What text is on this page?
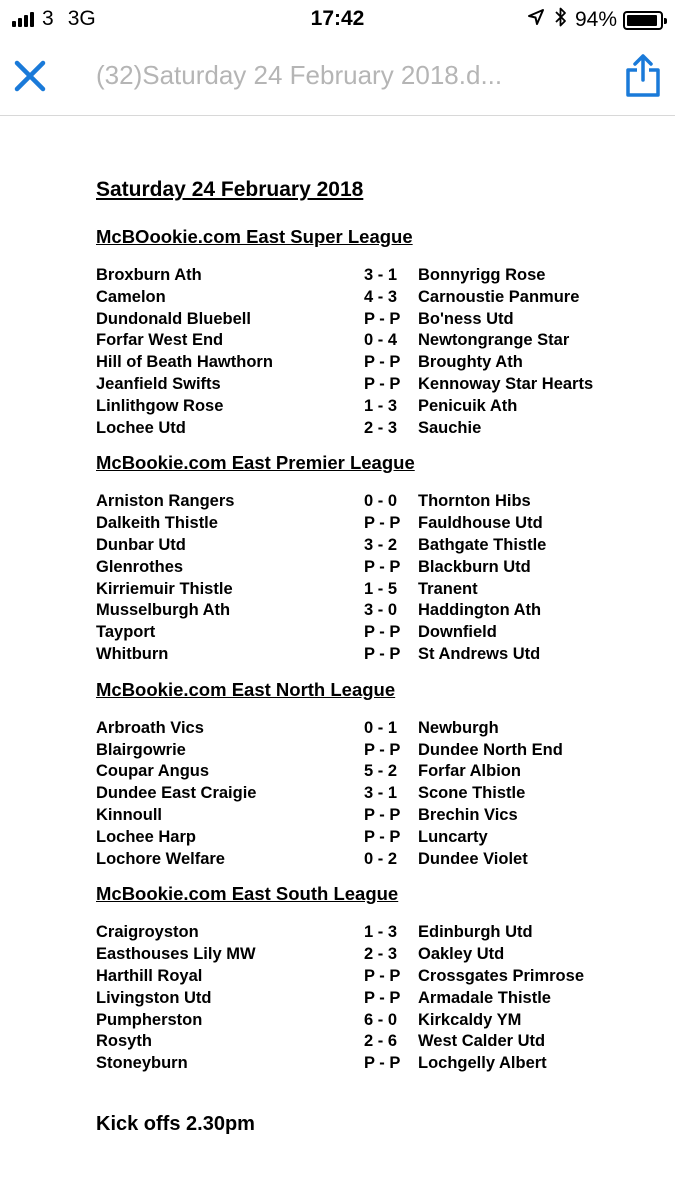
3 3G	17:42	94%
(32)Saturday 24 February 2018.d...
Saturday 24 February 2018
McBOookie.com East Super League
Broxburn Ath	3 - 1 Bonnyrigg Rose
Camelon	4 - 3 Carnoustie Panmure
Dundonald Bluebell	P - P Bo'ness Utd
Forfar West End	0 - 4 Newtongrange Star
Hill of Beath Hawthorn	P - P Broughty Ath
Jeanfield Swifts	P - P Kennoway Star Hearts
Linlithgow Rose	1 - 3 Penicuik Ath
Lochee Utd	2 - 3 Sauchie
McBookie.com East Premier League
Arniston Rangers	0 - 0 Thornton Hibs
Dalkeith Thistle	P - P Fauldhouse Utd
Dunbar Utd	3 - 2 Bathgate Thistle
Glenrothes	P - P Blackburn Utd
Kirriemuir Thistle	1 - 5 Tranent
Musselburgh Ath	3 - 0 Haddington Ath
Tayport	P - P Downfield
Whitburn	P - P St Andrews Utd
McBookie.com East North League
Arbroath Vics	0 - 1 Newburgh
Blairgowrie	P - P Dundee North End
Coupar Angus	5 - 2 Forfar Albion
Dundee East Craigie	3 - 1 Scone Thistle
Kinnoull	P - P Brechin Vics
Lochee Harp	P - P Luncarty
Lochore Welfare	0 - 2 Dundee Violet
McBookie.com East South League
Craigroyston	1 - 3 Edinburgh Utd
Easthouses Lily MW	2 - 3 Oakley Utd
Harthill Royal	P - P Crossgates Primrose
Livingston Utd	P - P Armadale Thistle
Pumpherston	6 - 0 Kirkcaldy YM
Rosyth	2 - 6 West Calder Utd
Stoneyburn	P - P Lochgelly Albert
Kick offs 2.30pm
